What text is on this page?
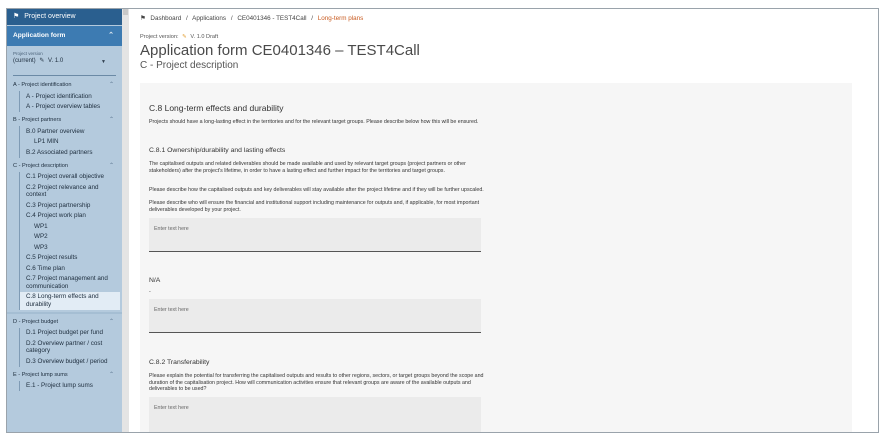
⚑ Project overview
Application form	⌃
Project version
(current) ✎ V. 1.0	▼
A - Project identification	⌃
A - Project identification
A - Project overview tables
B - Project partners	⌃
B.0 Partner overview
LP1 MIN
B.2 Associated partners
C - Project description	⌃
C.1 Project overall objective
C.2 Project relevance and context
C.3 Project partnership
C.4 Project work plan
WP1
WP2
WP3
C.5 Project results
C.6 Time plan
C.7 Project management and communication
C.8 Long-term effects and durability
D - Project budget	⌃
D.1 Project budget per fund
D.2 Overview partner / cost category
D.3 Overview budget / period
E - Project lump sums	⌃
E.1 - Project lump sums
⚑ Dashboard / Applications / CE0401346 - TEST4Call / Long-term plans
Project version: ✎ V. 1.0 Draft
Application form CE0401346 – TEST4Call
C - Project description
C.8 Long-term effects and durability
Projects should have a long-lasting effect in the territories and for the relevant target groups. Please describe below how this will be ensured.
C.8.1 Ownership/durability and lasting effects
The capitalised outputs and related deliverables should be made available and used by relevant target groups (project partners or other stakeholders) after the project's lifetime, in order to have a lasting effect and further impact for the territories and target groups.
Please describe how the capitalised outputs and key deliverables will stay available after the project lifetime and if they will be further upscaled.
Please describe who will ensure the financial and institutional support including maintenance for outputs and, if applicable, for most important deliverables developed by your project.
Enter text here
N/A
-
Enter text here
C.8.2 Transferability
Please explain the potential for transferring the capitalised outputs and results to other regions, sectors, or target groups beyond the scope and duration of the capitalisation project. How will communication activities ensure that relevant groups are aware of the available outputs and deliverables to be used?
Enter text here
